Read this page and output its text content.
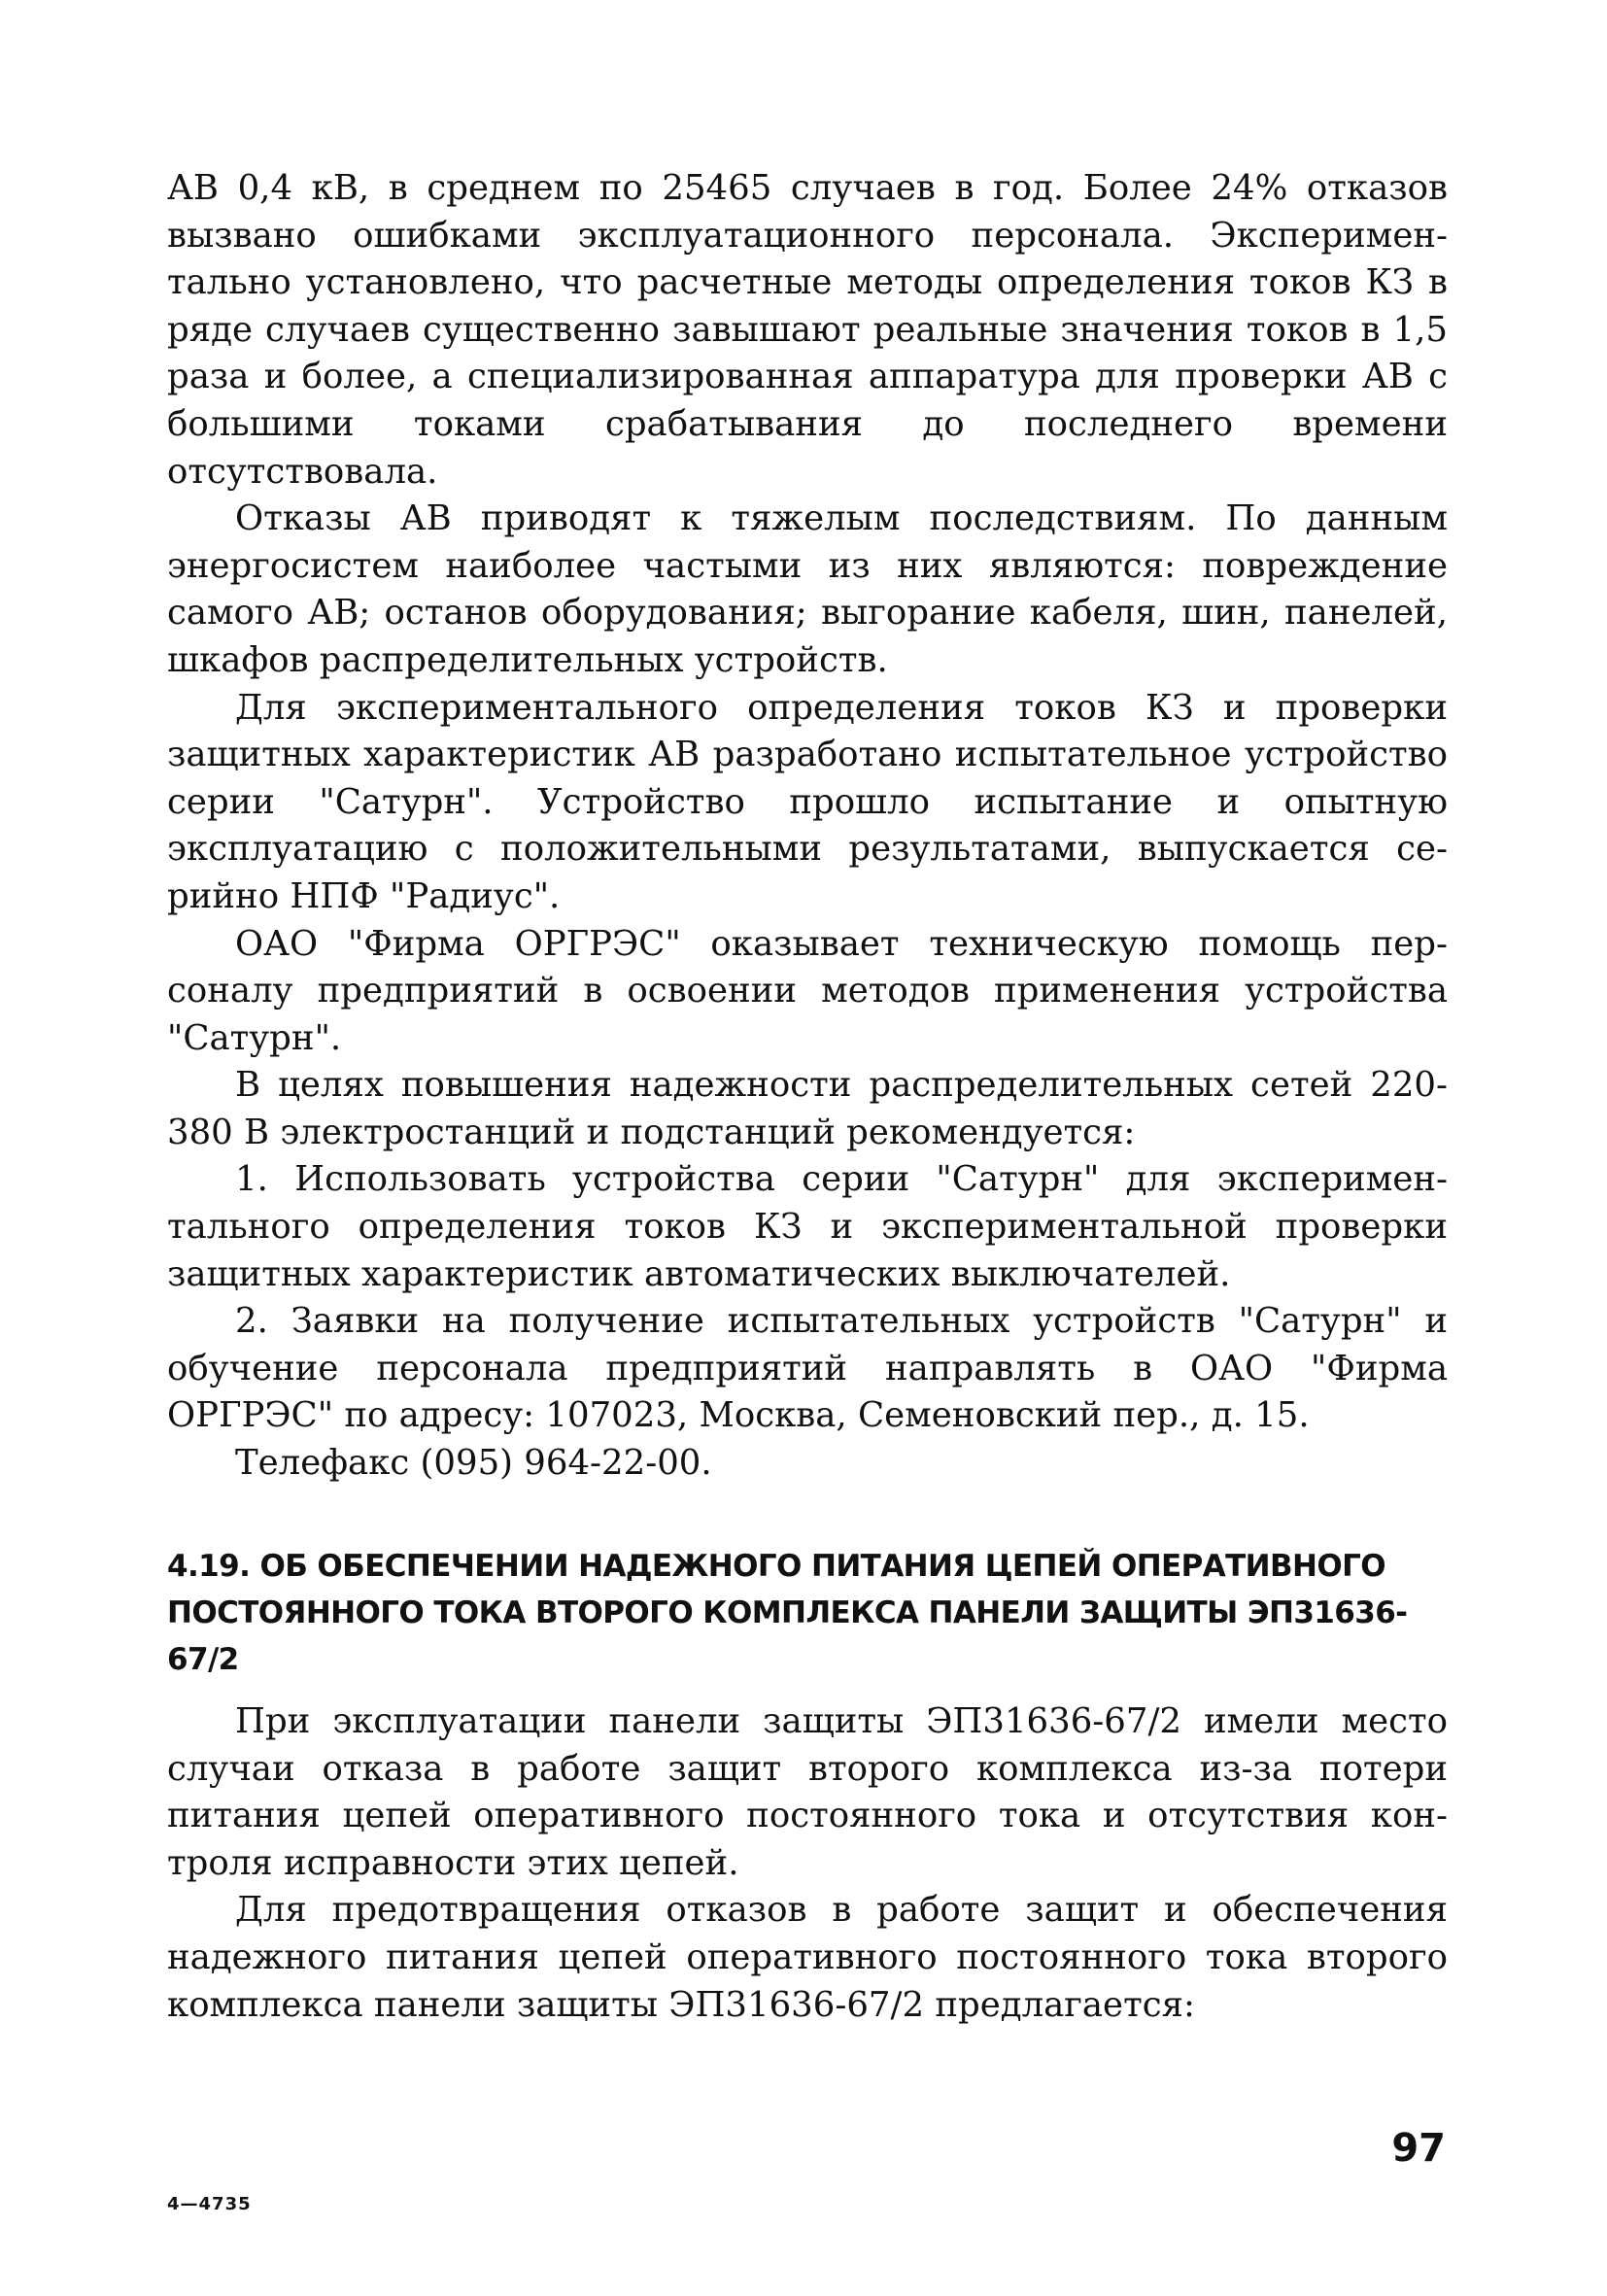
АВ 0,4 кВ, в среднем по 25465 случаев в год. Более 24% отказов вызвано ошибками эксплуатационного персонала. Экспериментально установлено, что расчетные методы определения токов КЗ в ряде случаев существенно завышают реальные значения токов в 1,5 раза и более, а специализированная аппаратура для проверки АВ с большими токами срабатывания до последнего времени отсутствовала.

Отказы АВ приводят к тяжелым последствиям. По данным энергосистем наиболее частыми из них являются: повреждение самого АВ; останов оборудования; выгорание кабеля, шин, панелей, шкафов распределительных устройств.

Для экспериментального определения токов КЗ и проверки защитных характеристик АВ разработано испытательное устройство серии "Сатурн". Устройство прошло испытание и опытную эксплуатацию с положительными результатами, выпускается серийно НПФ "Радиус".

ОАО "Фирма ОРГРЭС" оказывает техническую помощь персоналу предприятий в освоении методов применения устройства "Сатурн".

В целях повышения надежности распределительных сетей 220-380 В электростанций и подстанций рекомендуется:

1. Использовать устройства серии "Сатурн" для экспериментального определения токов КЗ и экспериментальной проверки защитных характеристик автоматических выключателей.

2. Заявки на получение испытательных устройств "Сатурн" и обучение персонала предприятий направлять в ОАО "Фирма ОРГРЭС" по адресу: 107023, Москва, Семеновский пер., д. 15.

Телефакс (095) 964-22-00.

4.19. ОБ ОБЕСПЕЧЕНИИ НАДЕЖНОГО ПИТАНИЯ ЦЕПЕЙ ОПЕРАТИВНОГО ПОСТОЯННОГО ТОКА ВТОРОГО КОМПЛЕКСА ПАНЕЛИ ЗАЩИТЫ ЭП31636-67/2

При эксплуатации панели защиты ЭП31636-67/2 имели место случаи отказа в работе защит второго комплекса из-за потери питания цепей оперативного постоянного тока и отсутствия контроля исправности этих цепей.

Для предотвращения отказов в работе защит и обеспечения надежного питания цепей оперативного постоянного тока второго комплекса панели защиты ЭП31636-67/2 предлагается:

97
4—4735
